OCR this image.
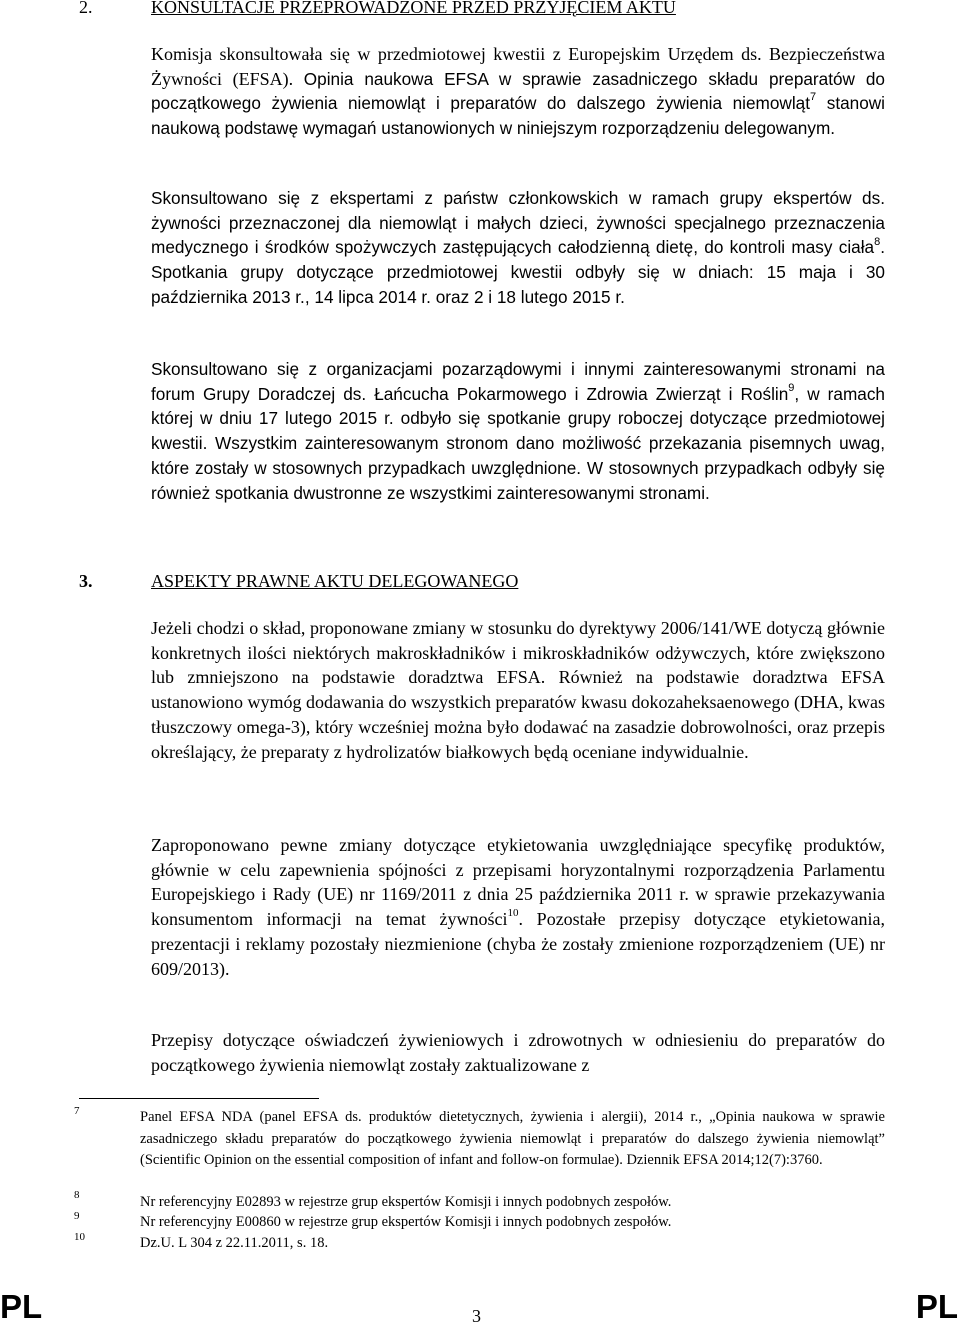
2.	KONSULTACJE PRZEPROWADZONE PRZED PRZYJĘCIEM AKTU

Komisja skonsultowała się w przedmiotowej kwestii z Europejskim Urzędem ds. Bezpieczeństwa Żywności (EFSA). Opinia naukowa EFSA w sprawie zasadniczego składu preparatów do początkowego żywienia niemowląt i preparatów do dalszego żywienia niemowląt$^7$ stanowi naukową podstawę wymagań ustanowionych w niniejszym rozporządzeniu delegowanym.

Skonsultowano się z ekspertami z państw członkowskich w ramach grupy ekspertów ds. żywności przeznaczonej dla niemowląt i małych dzieci, żywności specjalnego przeznaczenia medycznego i środków spożywczych zastępujących całodzienną dietę, do kontroli masy ciała$^8$. Spotkania grupy dotyczące przedmiotowej kwestii odbyły się w dniach: 15 maja i 30 października 2013 r., 14 lipca 2014 r. oraz 2 i 18 lutego 2015 r.

Skonsultowano się z organizacjami pozarządowymi i innymi zainteresowanymi stronami na forum Grupy Doradczej ds. Łańcucha Pokarmowego i Zdrowia Zwierząt i Roślin$^9$, w ramach której w dniu 17 lutego 2015 r. odbyło się spotkanie grupy roboczej dotyczące przedmiotowej kwestii. Wszystkim zainteresowanym stronom dano możliwość przekazania pisemnych uwag, które zostały w stosownych przypadkach uwzględnione. W stosownych przypadkach odbyły się również spotkania dwustronne ze wszystkimi zainteresowanymi stronami.

3.	ASPEKTY PRAWNE AKTU DELEGOWANEGO

Jeżeli chodzi o skład, proponowane zmiany w stosunku do dyrektywy 2006/141/WE dotyczą głównie konkretnych ilości niektórych makroskładników i mikroskładników odżywczych, które zwiększono lub zmniejszono na podstawie doradztwa EFSA. Również na podstawie doradztwa EFSA ustanowiono wymóg dodawania do wszystkich preparatów kwasu dokozaheksaenowego (DHA, kwas tłuszczowy omega-3), który wcześniej można było dodawać na zasadzie dobrowolności, oraz przepis określający, że preparaty z hydrolizatów białkowych będą oceniane indywidualnie.

Zaproponowano pewne zmiany dotyczące etykietowania uwzględniające specyfikę produktów, głównie w celu zapewnienia spójności z przepisami horyzontalnymi rozporządzenia Parlamentu Europejskiego i Rady (UE) nr 1169/2011 z dnia 25 października 2011 r. w sprawie przekazywania konsumentom informacji na temat żywności$^{10}$. Pozostałe przepisy dotyczące etykietowania, prezentacji i reklamy pozostały niezmienione (chyba że zostały zmienione rozporządzeniem (UE) nr 609/2013).

Przepisy dotyczące oświadczeń żywieniowych i zdrowotnych w odniesieniu do preparatów do początkowego żywienia niemowląt zostały zaktualizowane z

7	Panel EFSA NDA (panel EFSA ds. produktów dietetycznych, żywienia i alergii), 2014 r., „Opinia naukowa w sprawie zasadniczego składu preparatów do początkowego żywienia niemowląt i preparatów do dalszego żywienia niemowląt” (Scientific Opinion on the essential composition of infant and follow-on formulae). Dziennik EFSA 2014;12(7):3760.

8	Nr referencyjny E02893 w rejestrze grup ekspertów Komisji i innych podobnych zespołów.

9	Nr referencyjny E00860 w rejestrze grup ekspertów Komisji i innych podobnych zespołów.

10	Dz.U. L 304 z 22.11.2011, s. 18.

PL	3	PL
